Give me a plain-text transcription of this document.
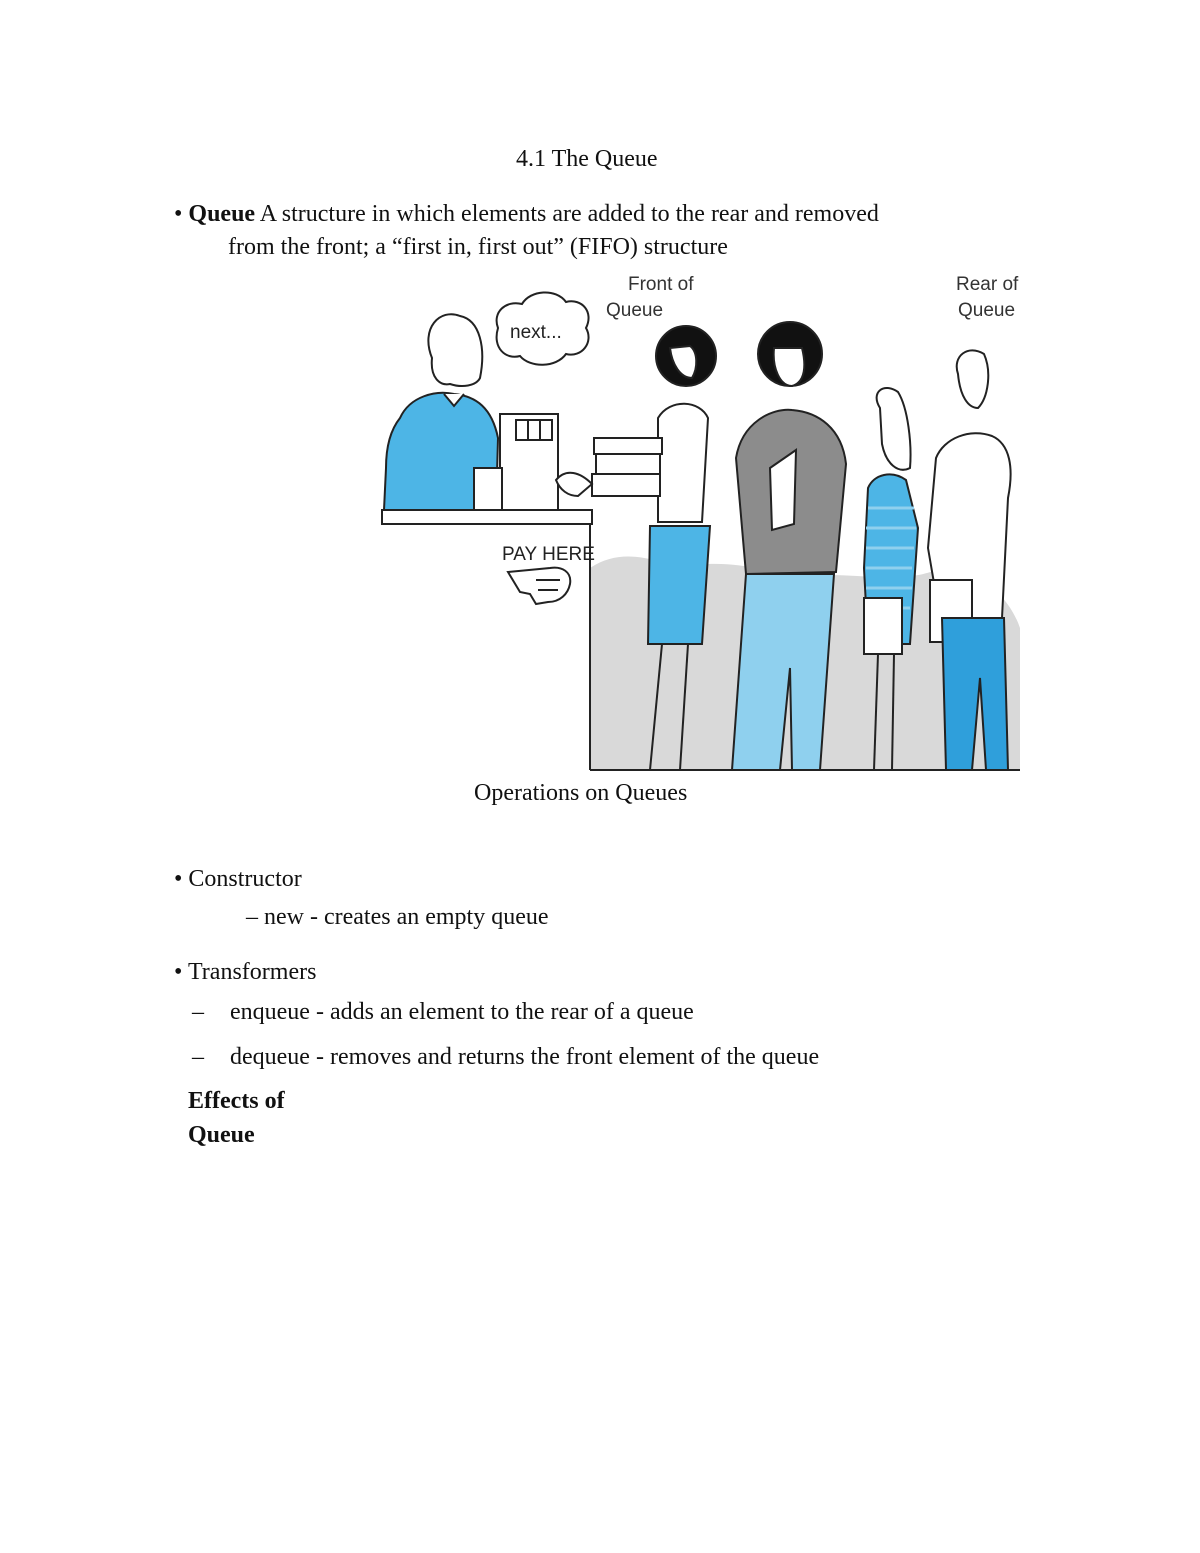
4.1 The Queue
• Queue A structure in which elements are added to the rear and removed
from the front; a “first in, first out” (FIFO) structure
Front of
Queue
Rear of
Queue
PAY HERE
next...
Operations on Queues
• Constructor
– new - creates an empty queue
• Transformers
– enqueue - adds an element to the rear of a queue
– dequeue - removes and returns the front element of the queue
Effects of
Queue
